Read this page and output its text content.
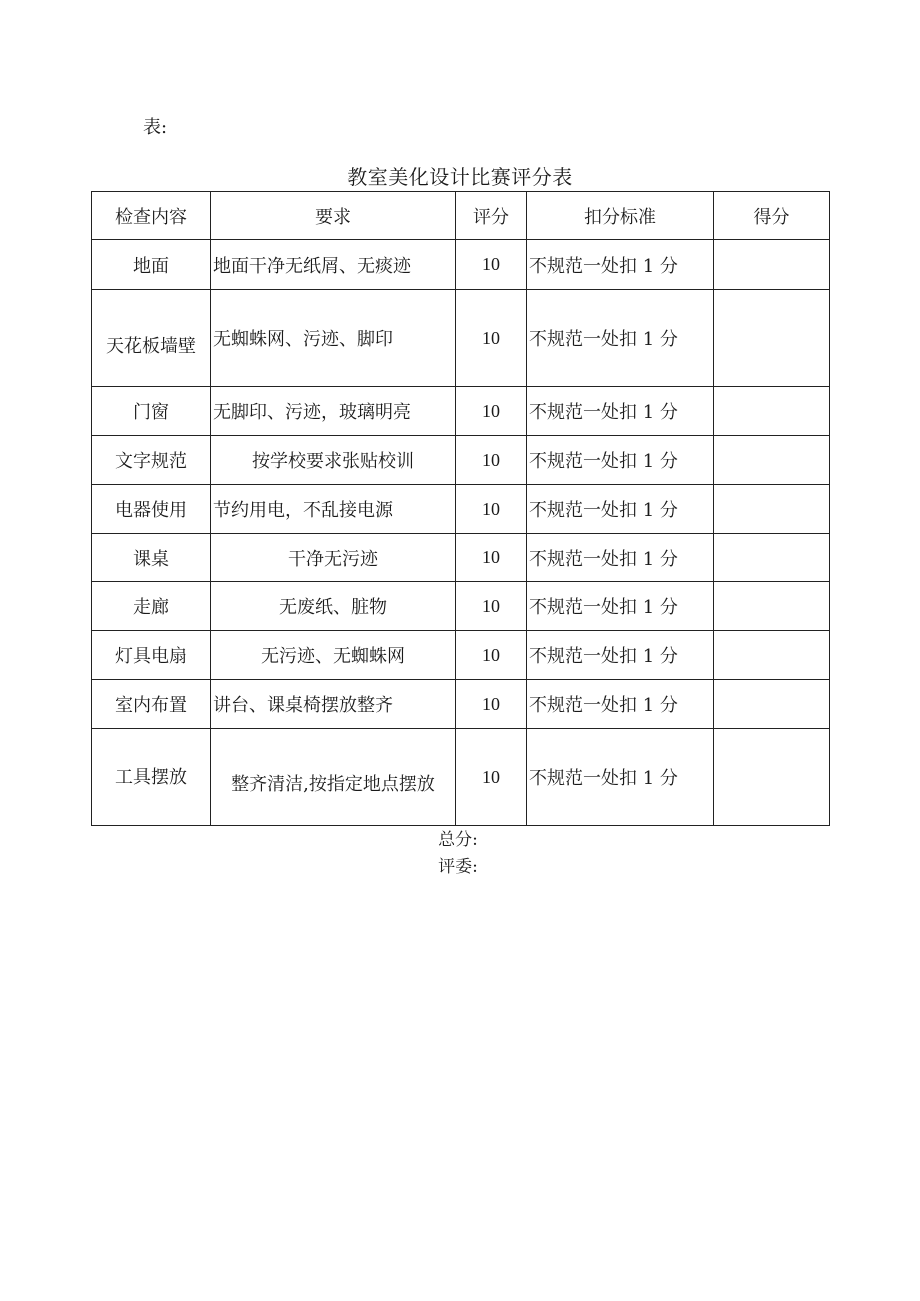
表:
教室美化设计比赛评分表
检查内容	要求	评分	扣分标准	得分
地面	地面干净无纸屑、无痰迹	10	不规范一处扣 1 分	
天花板墙壁	无蜘蛛网、污迹、脚印	10	不规范一处扣 1 分	
门窗	无脚印、污迹，玻璃明亮	10	不规范一处扣 1 分	
文字规范	按学校要求张贴校训	10	不规范一处扣 1 分	
电器使用	节约用电，不乱接电源	10	不规范一处扣 1 分	
课桌	干净无污迹	10	不规范一处扣 1 分	
走廊	无废纸、脏物	10	不规范一处扣 1 分	
灯具电扇	无污迹、无蜘蛛网	10	不规范一处扣 1 分	
室内布置	讲台、课桌椅摆放整齐	10	不规范一处扣 1 分	
工具摆放	整齐清洁,按指定地点摆放	10	不规范一处扣 1 分	
总分:
评委:
